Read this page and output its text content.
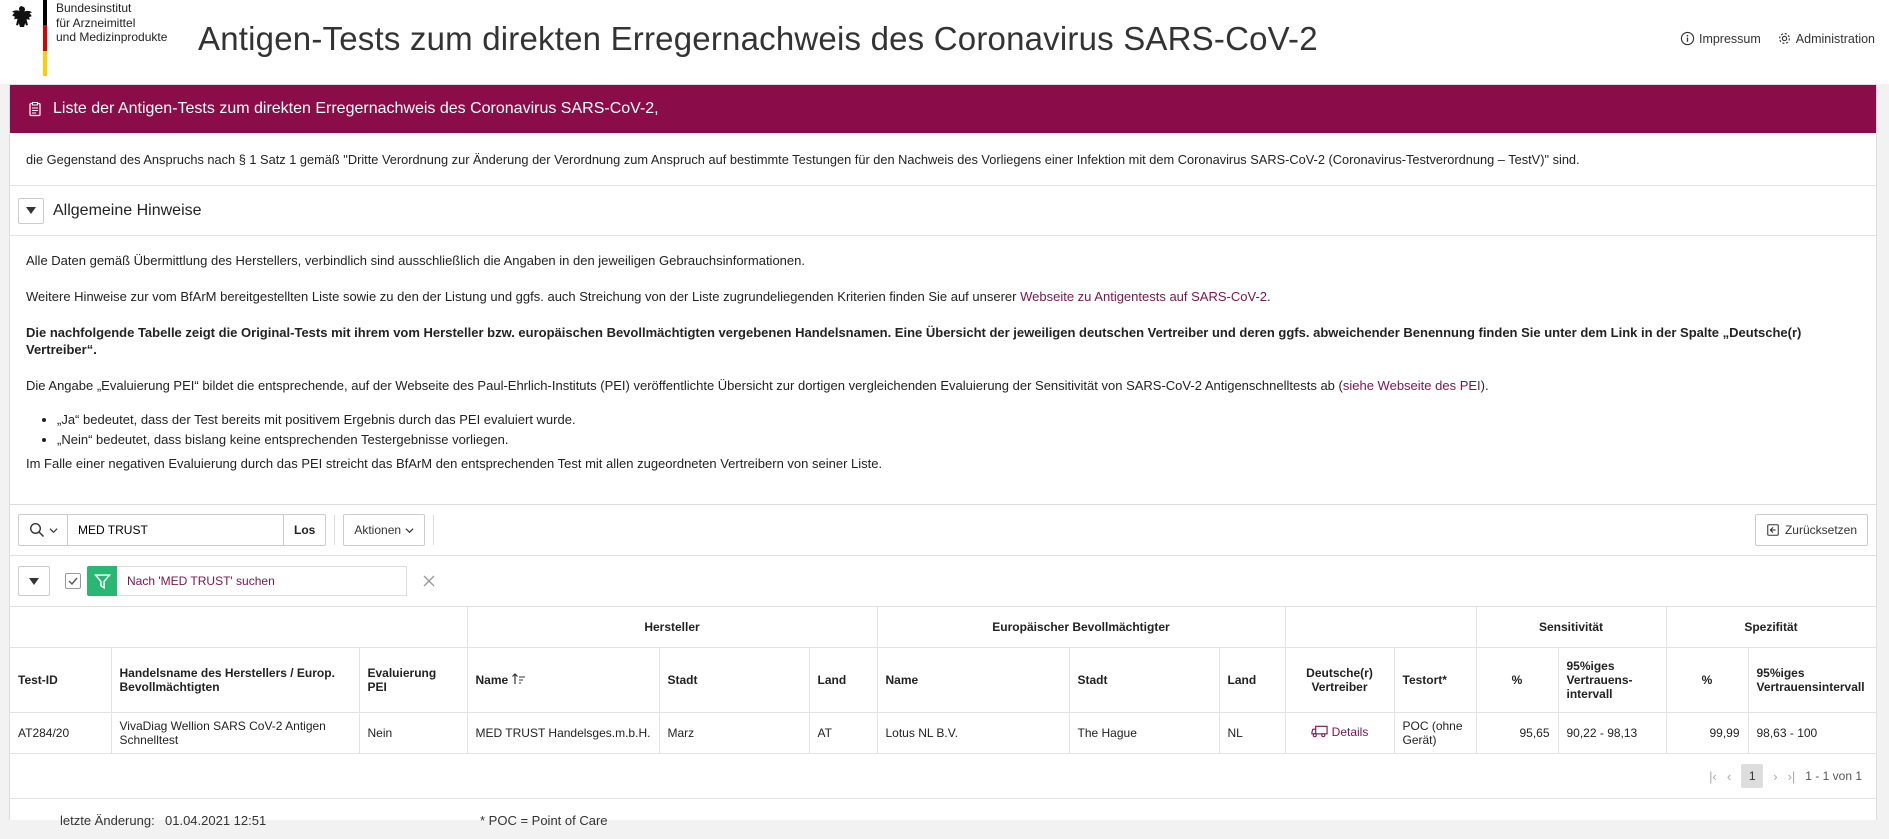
Bundesinstitut
für Arzneimittel
und Medizinprodukte Antigen-Tests zum direkten Erregernachweis des Coronavirus SARS-CoV-2	Impressum	Administration
Liste der Antigen-Tests zum direkten Erregernachweis des Coronavirus SARS-CoV-2,
die Gegenstand des Anspruchs nach § 1 Satz 1 gemäß "Dritte Verordnung zur Änderung der Verordnung zum Anspruch auf bestimmte Testungen für den Nachweis des Vorliegens einer Infektion mit dem Coronavirus SARS-CoV-2 (Coronavirus-Testverordnung – TestV)" sind.
Allgemeine Hinweise

Alle Daten gemäß Übermittlung des Herstellers, verbindlich sind ausschließlich die Angaben in den jeweiligen Gebrauchsinformationen.

Weitere Hinweise zur vom BfArM bereitgestellten Liste sowie zu den der Listung und ggfs. auch Streichung von der Liste zugrundeliegenden Kriterien finden Sie auf unserer Webseite zu Antigentests auf SARS-CoV-2.

Die nachfolgende Tabelle zeigt die Original-Tests mit ihrem vom Hersteller bzw. europäischen Bevollmächtigten vergebenen Handelsnamen. Eine Übersicht der jeweiligen deutschen Vertreiber und deren ggfs. abweichender Benennung finden Sie unter dem Link in der Spalte „Deutsche(r) Vertreiber“.

Die Angabe „Evaluierung PEI“ bildet die entsprechende, auf der Webseite des Paul-Ehrlich-Instituts (PEI) veröffentlichte Übersicht zur dortigen vergleichenden Evaluierung der Sensitivität von SARS-CoV-2 Antigenschnelltests ab (siehe Webseite des PEI).

• „Ja“ bedeutet, dass der Test bereits mit positivem Ergebnis durch das PEI evaluiert wurde.
• „Nein“ bedeutet, dass bislang keine entsprechenden Testergebnisse vorliegen.

Im Falle einer negativen Evaluierung durch das PEI streicht das BfArM den entsprechenden Test mit allen zugeordneten Vertreibern von seiner Liste.

MED TRUST
Los	Aktionen	Zurücksetzen
Nach 'MED TRUST' suchen
			Hersteller			Europäischer Bevollmächtigter					Sensitivität		Spezifität	
Test-ID	Handelsname des Herstellers / Europ. Bevollmächtigten	Evaluierung PEI	Name	Stadt	Land	Name	Stadt	Land	Deutsche(r) Vertreiber	Testort*	%	95%iges Vertrauens-intervall	%	95%iges Vertrauensintervall
AT284/20	VivaDiag Wellion SARS CoV-2 Antigen Schnelltest	Nein	MED TRUST Handelsges.m.b.H.	Marz	AT	Lotus NL B.V.	The Hague	NL	Details	POC (ohne Gerät)	95,65	90,22 - 98,13	99,99	98,63 - 100
|‹ ‹	1	› ›| 1 - 1 von 1
letzte Änderung: 01.04.2021 12:51	* POC = Point of Care
